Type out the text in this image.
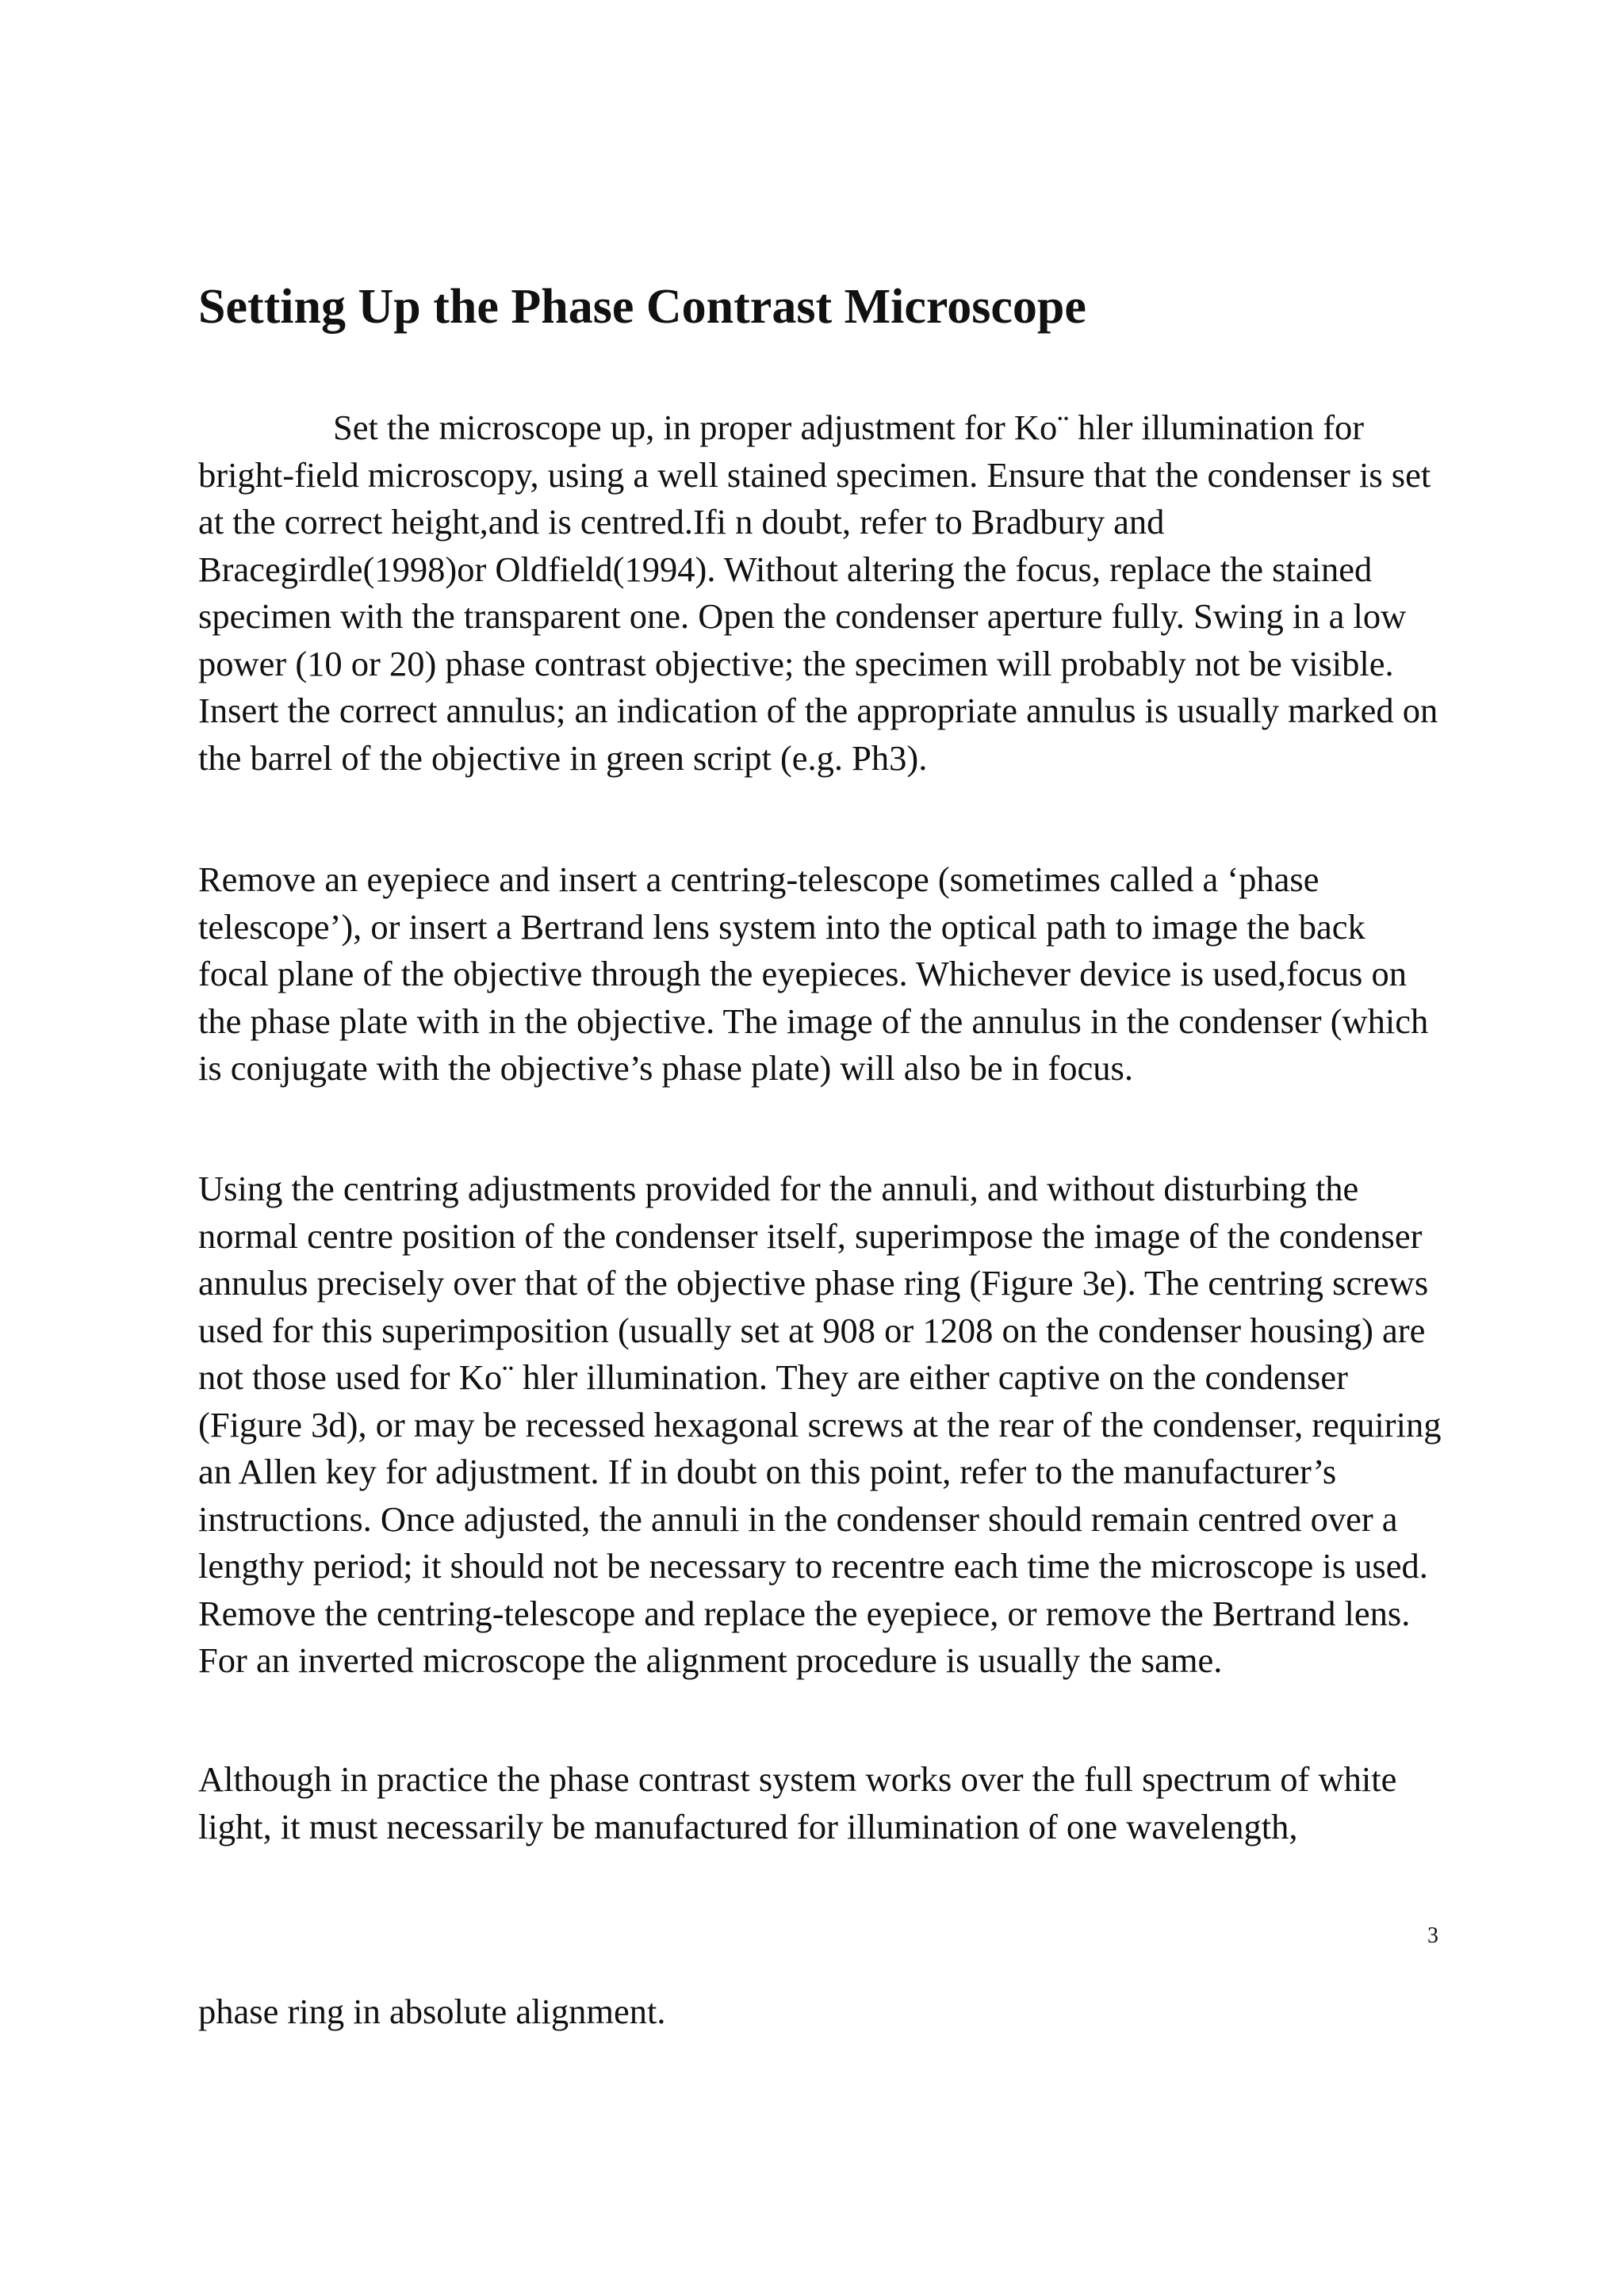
Setting Up the Phase Contrast Microscope

Set the microscope up, in proper adjustment for Ko¨ hler illumination for bright-field microscopy, using a well stained specimen. Ensure that the condenser is set at the correct height,and is centred.Ifi n doubt, refer to Bradbury and Bracegirdle(1998)or Oldfield(1994). Without altering the focus, replace the stained specimen with the transparent one. Open the condenser aperture fully. Swing in a low power (10 or 20) phase contrast objective; the specimen will probably not be visible. Insert the correct annulus; an indication of the appropriate annulus is usually marked on the barrel of the objective in green script (e.g. Ph3).

Remove an eyepiece and insert a centring-telescope (sometimes called a ‘phase telescope’), or insert a Bertrand lens system into the optical path to image the back focal plane of the objective through the eyepieces. Whichever device is used,focus on the phase plate with in the objective. The image of the annulus in the condenser (which is conjugate with the objective’s phase plate) will also be in focus.

Using the centring adjustments provided for the annuli, and without disturbing the normal centre position of the condenser itself, superimpose the image of the condenser annulus precisely over that of the objective phase ring (Figure 3e). The centring screws used for this superimposition (usually set at 908 or 1208 on the condenser housing) are not those used for Ko¨ hler illumination. They are either captive on the condenser (Figure 3d), or may be recessed hexagonal screws at the rear of the condenser, requiring an Allen key for adjustment. If in doubt on this point, refer to the manufacturer’s instructions. Once adjusted, the annuli in the condenser should remain centred over a lengthy period; it should not be necessary to recentre each time the microscope is used. Remove the centring-telescope and replace the eyepiece, or remove the Bertrand lens. For an inverted microscope the alignment procedure is usually the same.

Although in practice the phase contrast system works over the full spectrum of white light, it must necessarily be manufactured for illumination of one wavelength,

3

phase ring in absolute alignment.
